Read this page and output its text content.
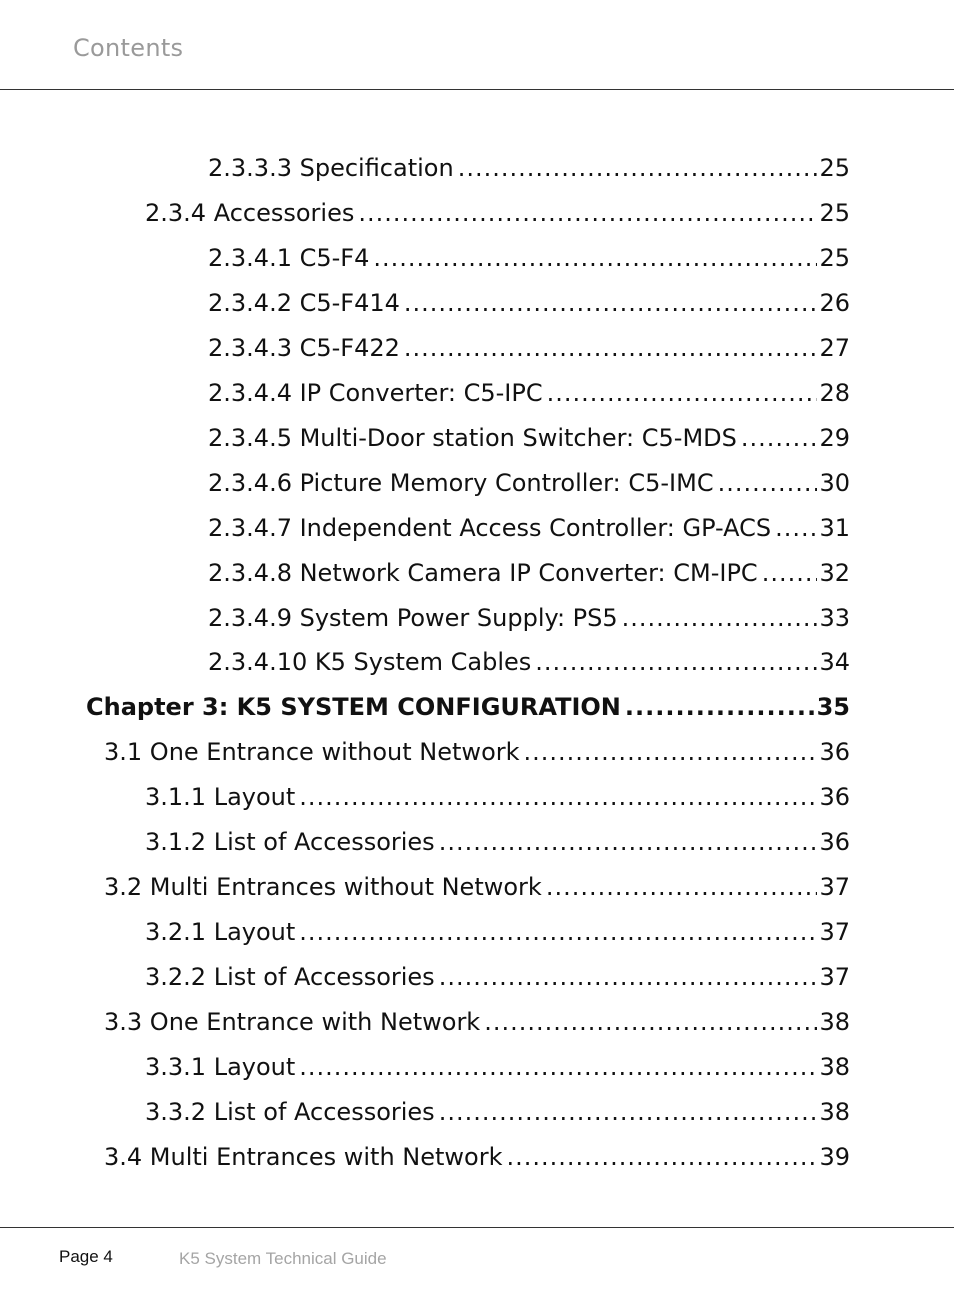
Contents
2.3.3.3 Specification .....	25
2.3.4 Accessories .....	25
2.3.4.1 C5-F4 .....	25
2.3.4.2 C5-F414 .....	26
2.3.4.3 C5-F422 .....	27
2.3.4.4 IP Converter: C5-IPC .....	28
2.3.4.5 Multi-Door station Switcher: C5-MDS .....	29
2.3.4.6 Picture Memory Controller: C5-IMC .....	30
2.3.4.7 Independent Access Controller: GP-ACS ..... 31
2.3.4.8 Network Camera IP Converter: CM-IPC .....	32
2.3.4.9 System Power Supply: PS5 .....	33
2.3.4.10 K5 System Cables .....	34
Chapter 3: K5 SYSTEM CONFIGURATION .....	35
3.1 One Entrance without Network .....	36
3.1.1 Layout .....	36
3.1.2 List of Accessories .....	36
3.2 Multi Entrances without Network .....	37
3.2.1 Layout .....	37
3.2.2 List of Accessories .....	37
3.3 One Entrance with Network .....	38
3.3.1 Layout .....	38
3.3.2 List of Accessories .....	38
3.4 Multi Entrances with Network .....	39
Page 4	K5 System Technical Guide
